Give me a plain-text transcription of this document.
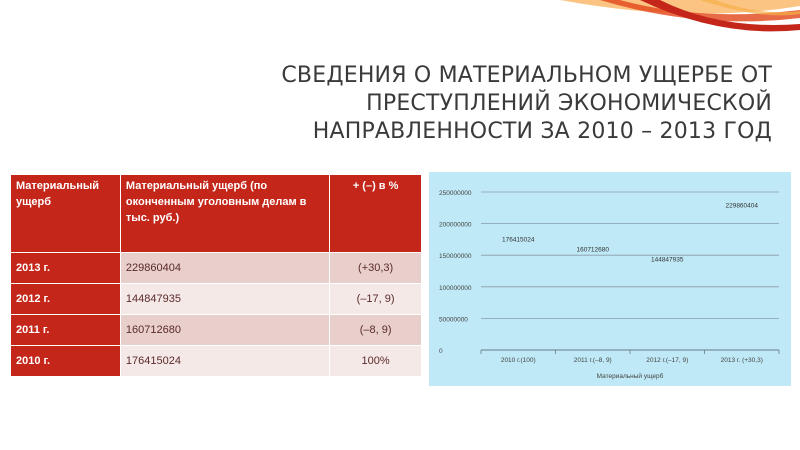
СВЕДЕНИЯ О МАТЕРИАЛЬНОМ УЩЕРБЕ ОТ
ПРЕСТУПЛЕНИЙ ЭКОНОМИЧЕСКОЙ
НАПРАВЛЕННОСТИ ЗА 2010 – 2013 ГОД
Материальный ущерб	Материальный ущерб (по оконченным уголовным делам в тыс. руб.)	+ (–) в %
2013 г.	229860404	(+30,3)
2012 г.	144847935	(–17, 9)
2011 г.	160712680	(–8, 9)
2010 г.	176415024	100%
0
50000000
100000000
150000000
200000000
250000000
2010 г.(100)	2011 г.(–8, 9)	2012 г.(–17, 9)	2013 г. (+30,3)
Материальный ущерб
176415024
160712680
144847935
229860404
